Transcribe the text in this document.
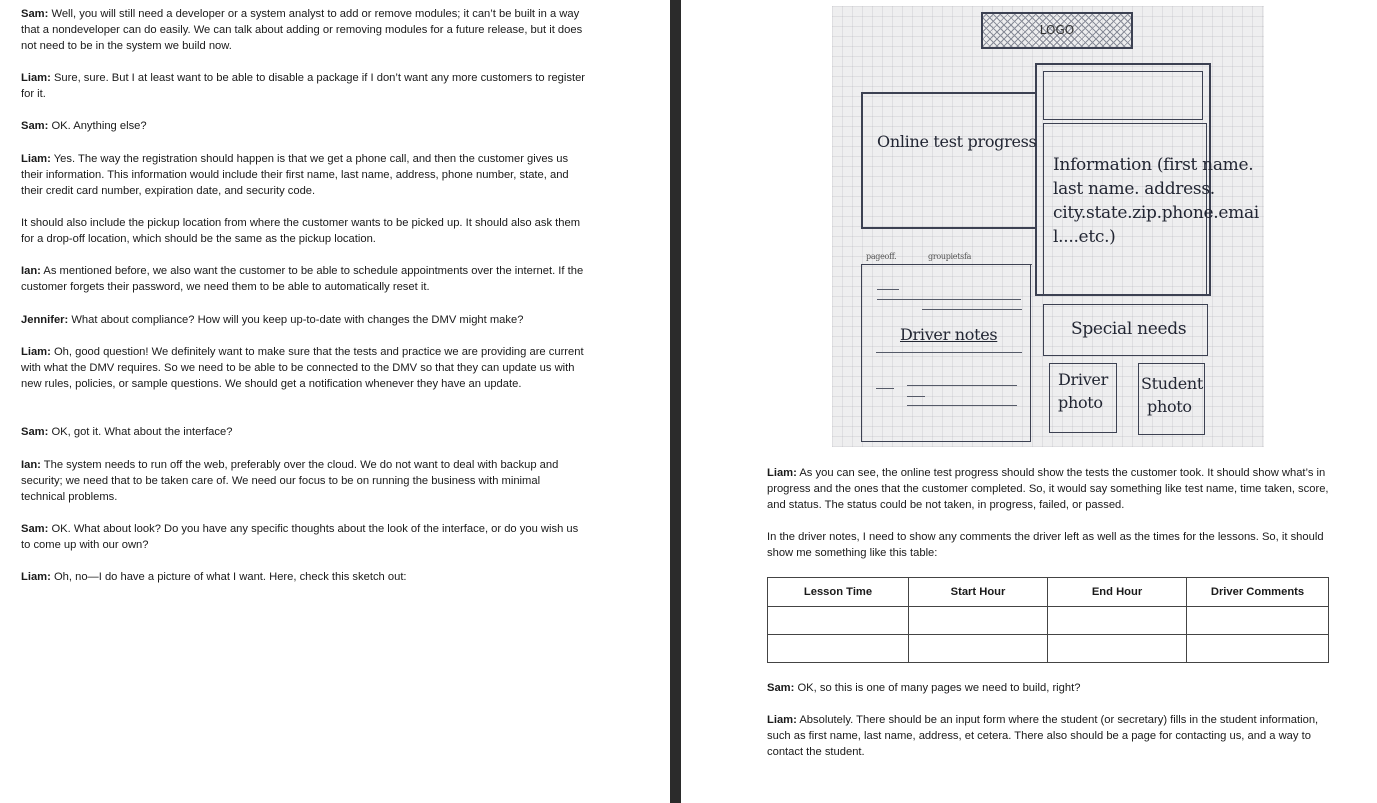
Sam: Well, you will still need a developer or a system analyst to add or remove modules; it can’t be built in a way that a nondeveloper can do easily. We can talk about adding or removing modules for a future release, but it does not need to be in the system we build now.

Liam: Sure, sure. But I at least want to be able to disable a package if I don’t want any more customers to register for it.

Sam: OK. Anything else?

Liam: Yes. The way the registration should happen is that we get a phone call, and then the customer gives us their information. This information would include their first name, last name, address, phone number, state, and their credit card number, expiration date, and security code.

It should also include the pickup location from where the customer wants to be picked up. It should also ask them for a drop-off location, which should be the same as the pickup location.

Ian: As mentioned before, we also want the customer to be able to schedule appointments over the internet. If the customer forgets their password, we need them to be able to automatically reset it.

Jennifer: What about compliance? How will you keep up-to-date with changes the DMV might make?

Liam: Oh, good question! We definitely want to make sure that the tests and practice we are providing are current with what the DMV requires. So we need to be able to be connected to the DMV so that they can update us with new rules, policies, or sample questions. We should get a notification whenever they have an update.

Sam: OK, got it. What about the interface?

Ian: The system needs to run off the web, preferably over the cloud. We do not want to deal with backup and security; we need that to be taken care of. We need our focus to be on running the business with minimal technical problems.

Sam: OK. What about look? Do you have any specific thoughts about the look of the interface, or do you wish us to come up with our own?

Liam: Oh, no—I do have a picture of what I want. Here, check this sketch out:

LOGO
Information (first name.
last name. address.
city.state.zip.phone.emai
l....etc.)
Online test progress
pageoff.	groupietsfa
Driver notes	Special needs
Driver
photo
Student
photo

Liam: As you can see, the online test progress should show the tests the customer took. It should show what’s in progress and the ones that the customer completed. So, it would say something like test name, time taken, score, and status. The status could be not taken, in progress, failed, or passed.

In the driver notes, I need to show any comments the driver left as well as the times for the lessons. So, it should show me something like this table:

Lesson Time	Start Hour	End Hour	Driver Comments

Sam: OK, so this is one of many pages we need to build, right?

Liam: Absolutely. There should be an input form where the student (or secretary) fills in the student information, such as first name, last name, address, et cetera. There also should be a page for contacting us, and a way to contact the student.
